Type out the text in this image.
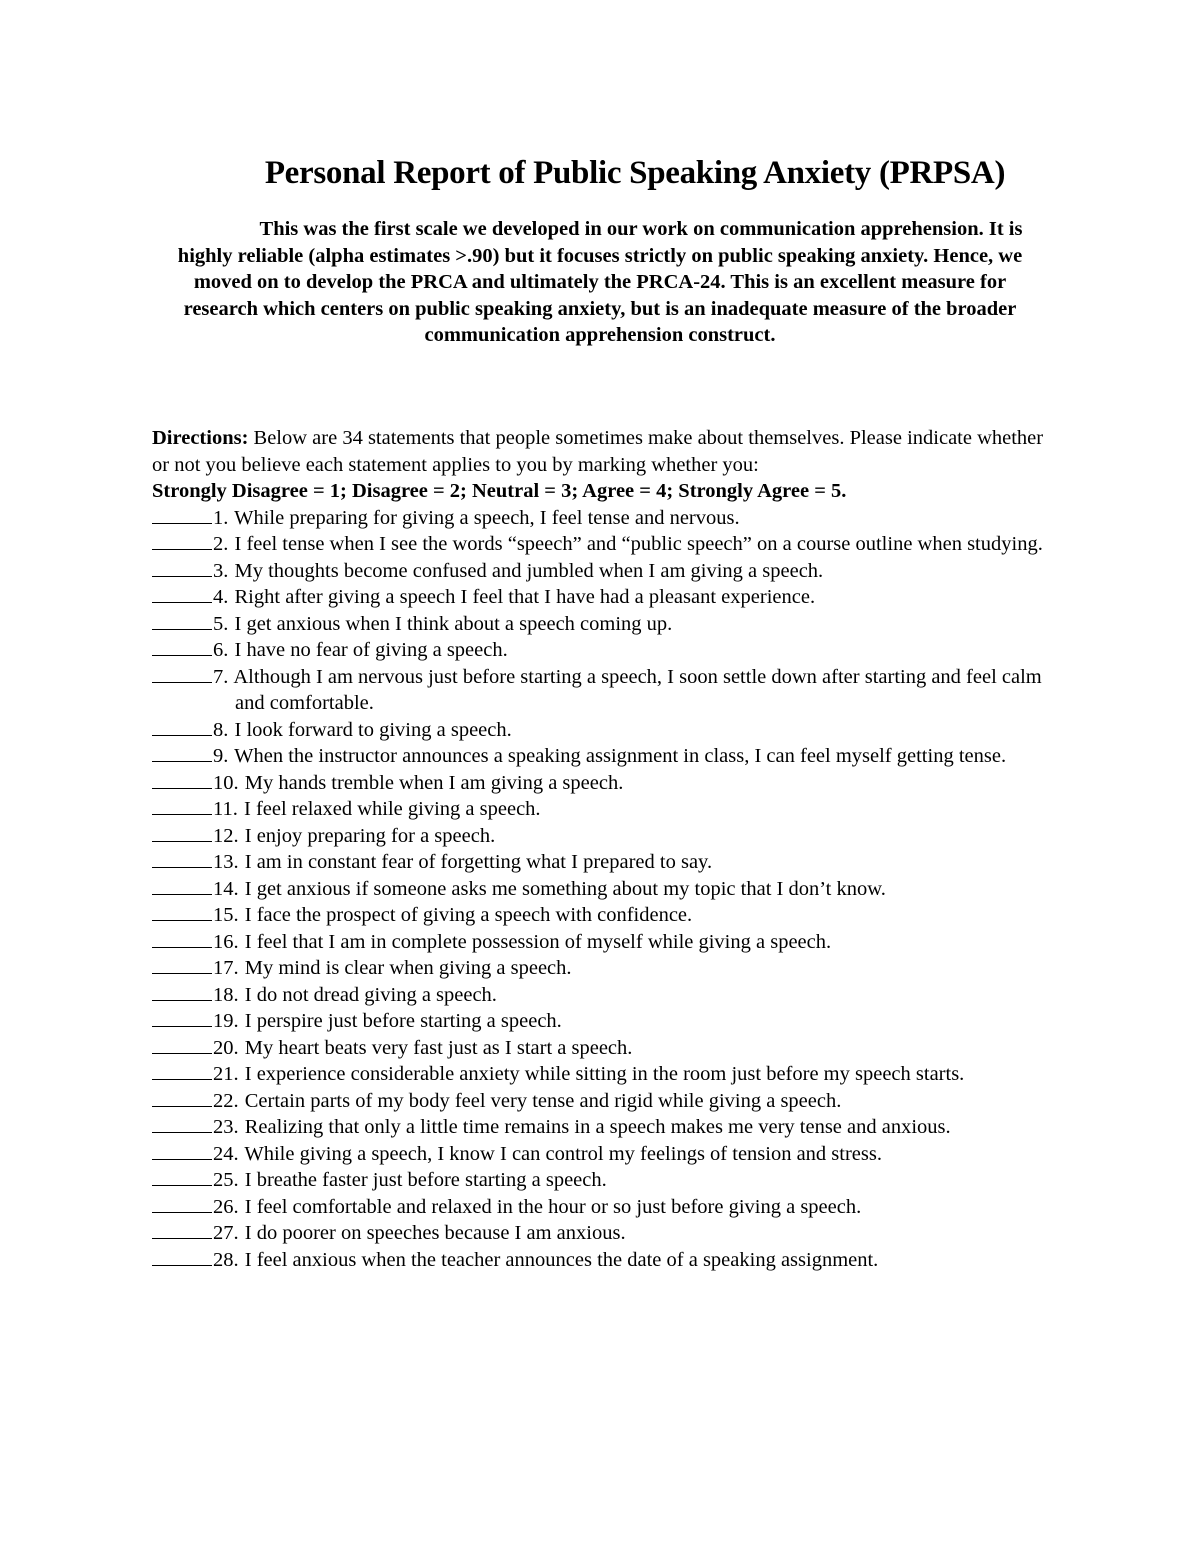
Personal Report of Public Speaking Anxiety (PRPSA)

This was the first scale we developed in our work on communication apprehension. It is highly reliable (alpha estimates >.90) but it focuses strictly on public speaking anxiety. Hence, we moved on to develop the PRCA and ultimately the PRCA-24. This is an excellent measure for research which centers on public speaking anxiety, but is an inadequate measure of the broader communication apprehension construct.

Directions: Below are 34 statements that people sometimes make about themselves. Please indicate whether or not you believe each statement applies to you by marking whether you:

Strongly Disagree = 1; Disagree = 2; Neutral = 3; Agree = 4; Strongly Agree = 5.

1. While preparing for giving a speech, I feel tense and nervous.
2. I feel tense when I see the words “speech” and “public speech” on a course outline when studying.
3. My thoughts become confused and jumbled when I am giving a speech.
4. Right after giving a speech I feel that I have had a pleasant experience.
5. I get anxious when I think about a speech coming up.
6. I have no fear of giving a speech.
7. Although I am nervous just before starting a speech, I soon settle down after starting and feel calm and comfortable.
8. I look forward to giving a speech.
9. When the instructor announces a speaking assignment in class, I can feel myself getting tense.
10. My hands tremble when I am giving a speech.
11. I feel relaxed while giving a speech.
12. I enjoy preparing for a speech.
13. I am in constant fear of forgetting what I prepared to say.
14. I get anxious if someone asks me something about my topic that I don’t know.
15. I face the prospect of giving a speech with confidence.
16. I feel that I am in complete possession of myself while giving a speech.
17. My mind is clear when giving a speech.
18. I do not dread giving a speech.
19. I perspire just before starting a speech.
20. My heart beats very fast just as I start a speech.
21. I experience considerable anxiety while sitting in the room just before my speech starts.
22. Certain parts of my body feel very tense and rigid while giving a speech.
23. Realizing that only a little time remains in a speech makes me very tense and anxious.
24. While giving a speech, I know I can control my feelings of tension and stress.
25. I breathe faster just before starting a speech.
26. I feel comfortable and relaxed in the hour or so just before giving a speech.
27. I do poorer on speeches because I am anxious.
28. I feel anxious when the teacher announces the date of a speaking assignment.
